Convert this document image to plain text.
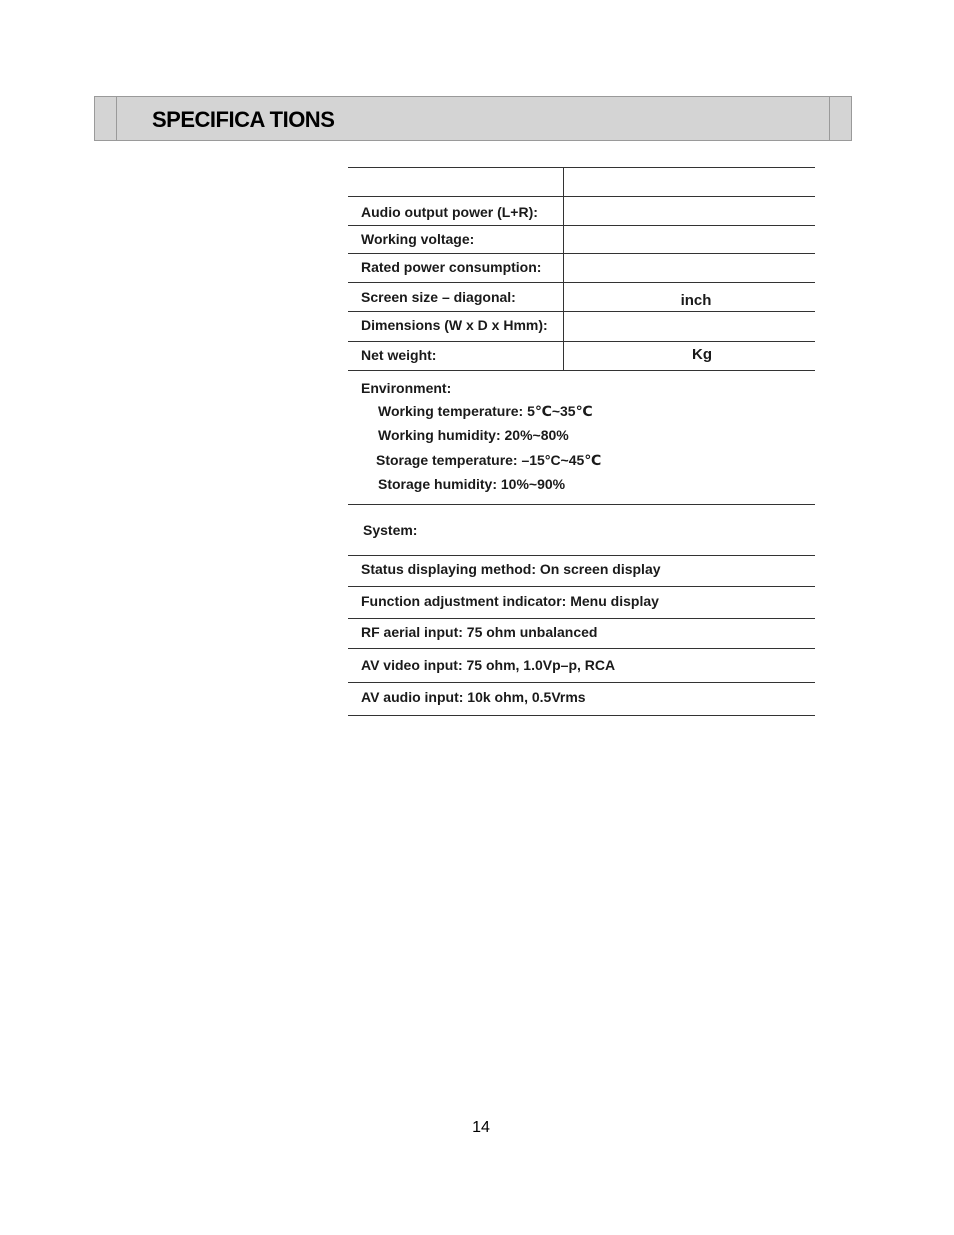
SPECIFICA TIONS
Audio output power (L+R):
Working voltage:
Rated power consumption:
Screen size – diagonal:	inch
Dimensions (W x D x Hmm):
Net weight:	Kg
Environment:
Working temperature: 5℃~35℃
Working humidity: 20%~80%
Storage temperature: –15°C~45℃
Storage humidity: 10%~90%
System:
Status displaying method: On screen display
Function adjustment indicator: Menu display
RF aerial input: 75 ohm unbalanced
AV video input: 75 ohm, 1.0Vp–p, RCA
AV audio input: 10k ohm, 0.5Vrms
14
